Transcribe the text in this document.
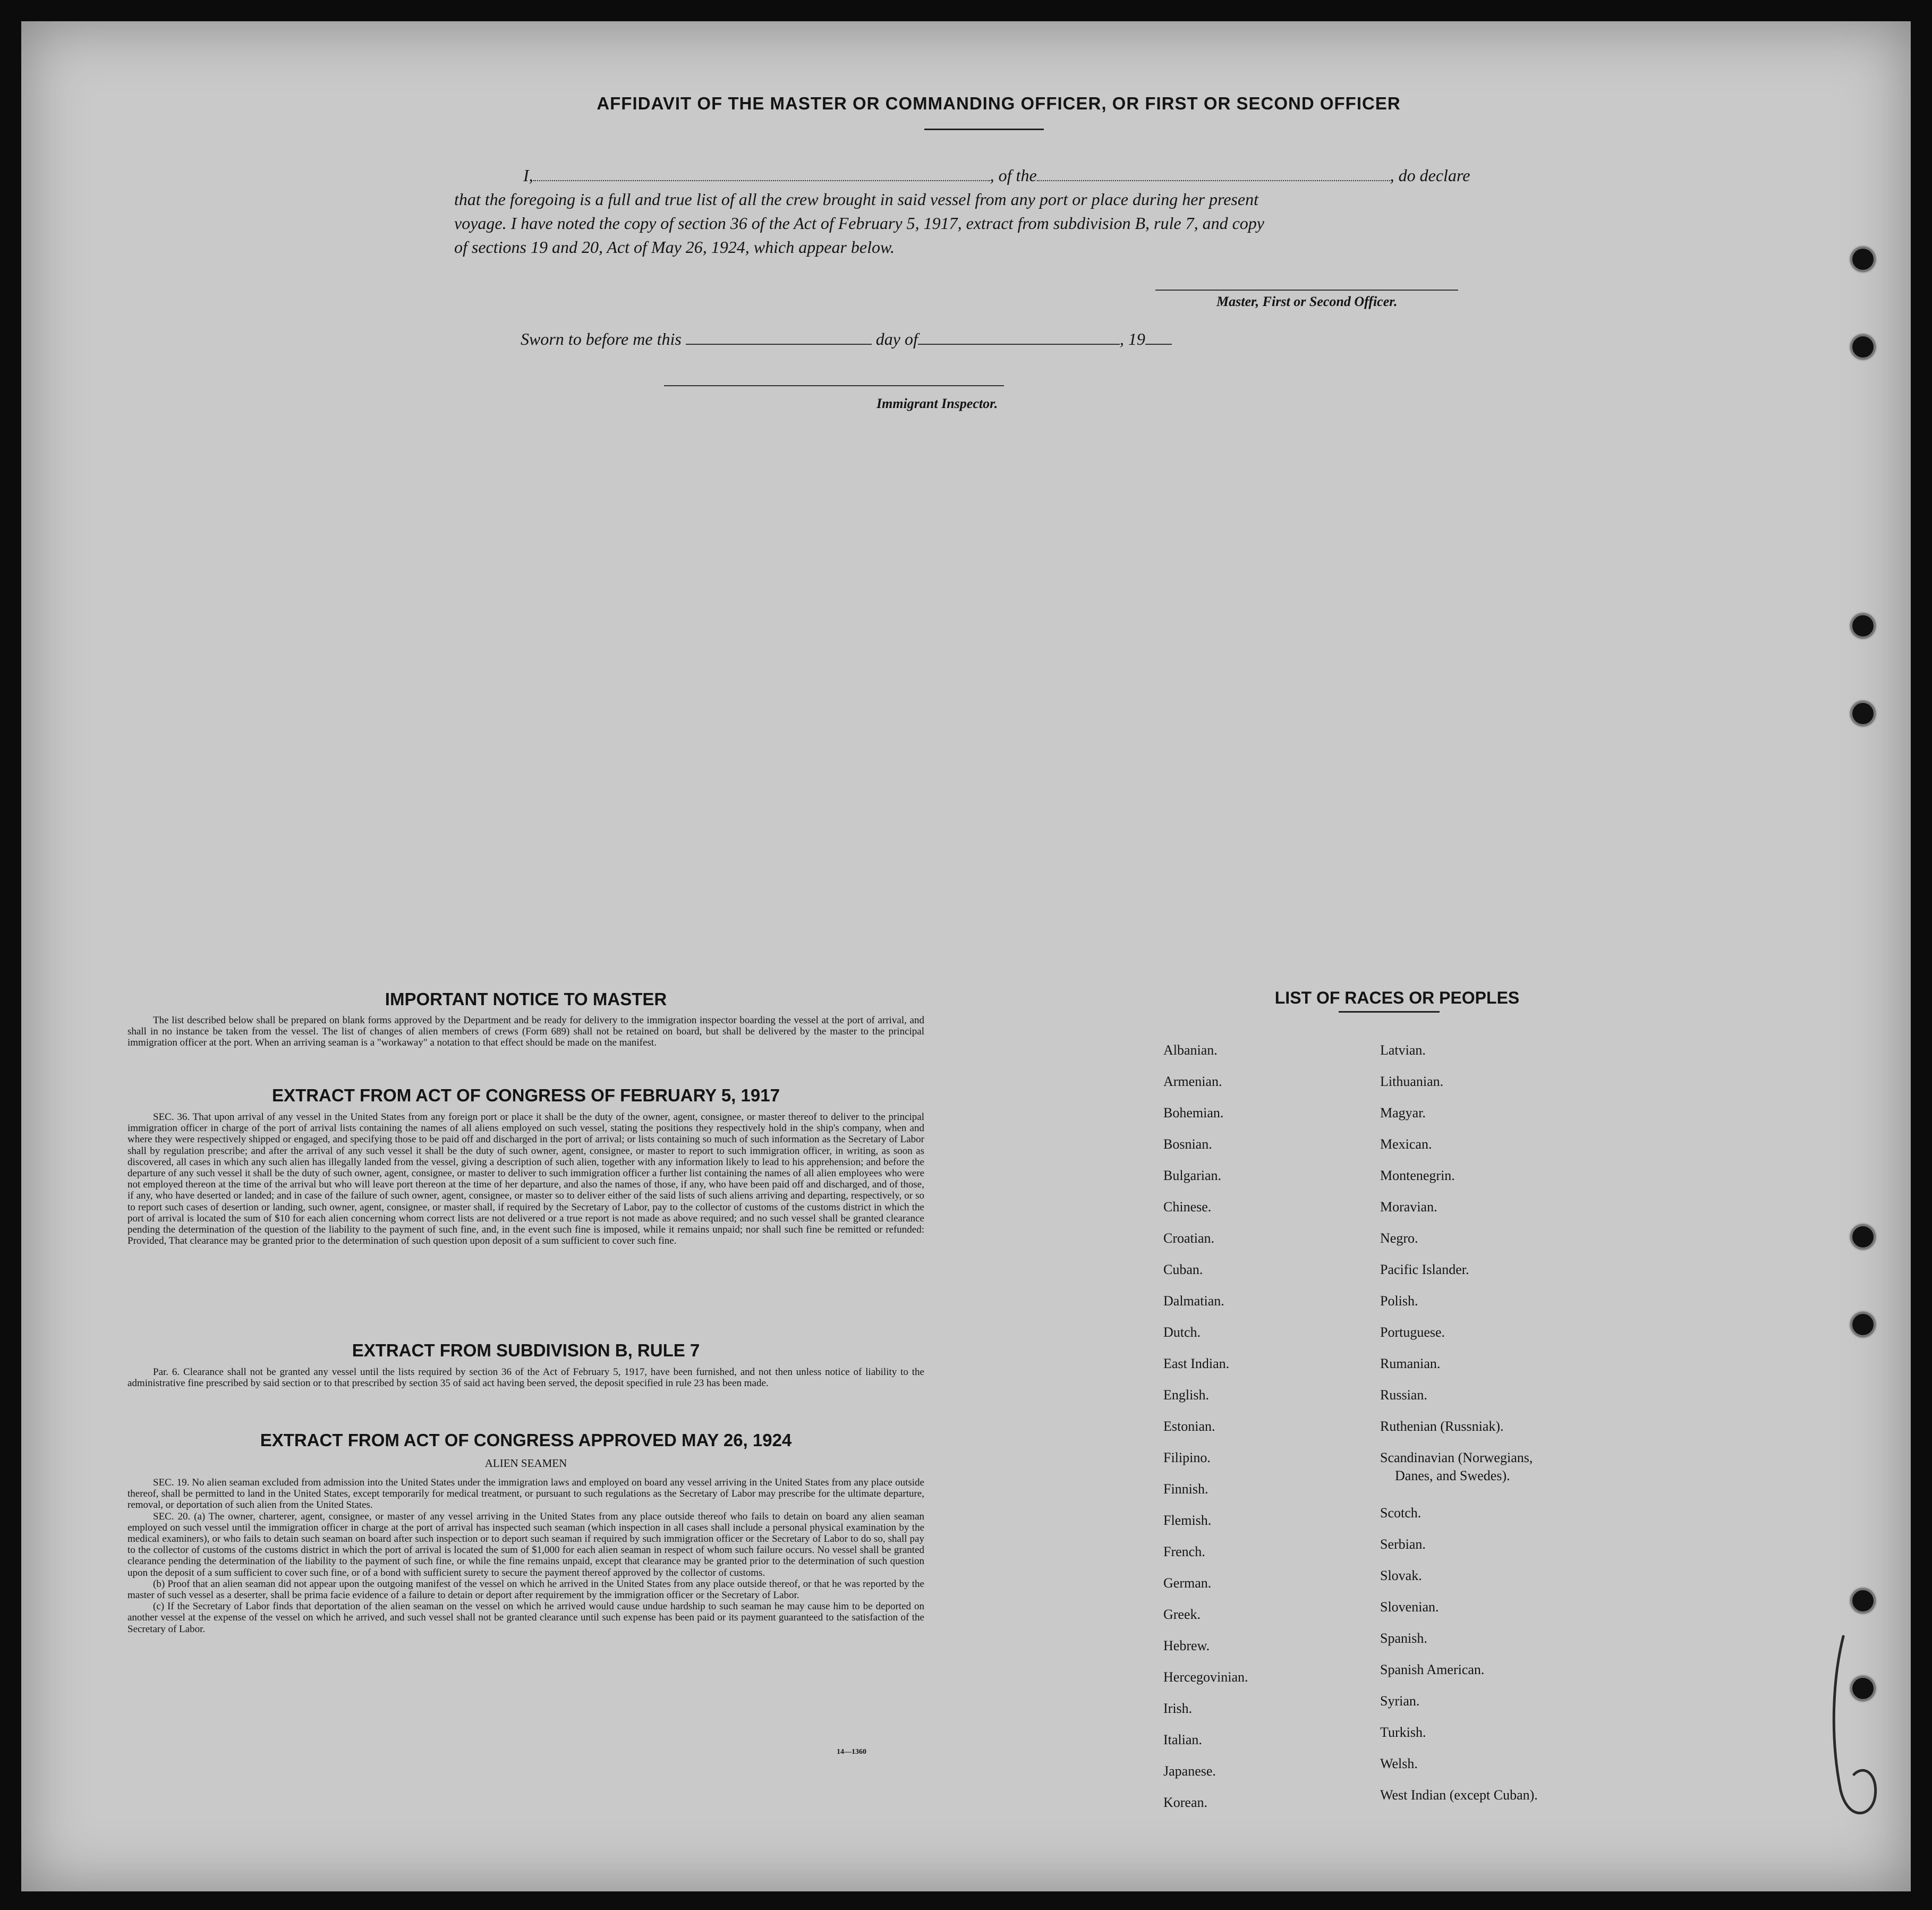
AFFIDAVIT OF THE MASTER OR COMMANDING OFFICER, OR FIRST OR SECOND OFFICER

I,	, of the	, do declare

that the foregoing is a full and true list of all the crew brought in said vessel from any port or place during her present

voyage. I have noted the copy of section 36 of the Act of February 5, 1917, extract from subdivision B, rule 7, and copy

of sections 19 and 20, Act of May 26, 1924, which appear below.

Master, First or Second Officer.
Sworn to before me this	day of	, 19
Immigrant Inspector.
IMPORTANT NOTICE TO MASTER

The list described below shall be prepared on blank forms approved by the Department and be ready for delivery to the immigration inspector boarding the vessel at the port of arrival, and shall in no instance be taken from the vessel. The list of changes of alien members of crews (Form 689) shall not be retained on board, but shall be delivered by the master to the principal immigration officer at the port. When an arriving seaman is a "workaway" a notation to that effect should be made on the manifest.

EXTRACT FROM ACT OF CONGRESS OF FEBRUARY 5, 1917

SEC. 36. That upon arrival of any vessel in the United States from any foreign port or place it shall be the duty of the owner, agent, consignee, or master thereof to deliver to the principal immigration officer in charge of the port of arrival lists containing the names of all aliens employed on such vessel, stating the positions they respectively hold in the ship's company, when and where they were respectively shipped or engaged, and specifying those to be paid off and discharged in the port of arrival; or lists containing so much of such information as the Secretary of Labor shall by regulation prescribe; and after the arrival of any such vessel it shall be the duty of such owner, agent, consignee, or master to report to such immigration officer, in writing, as soon as discovered, all cases in which any such alien has illegally landed from the vessel, giving a description of such alien, together with any information likely to lead to his apprehension; and before the departure of any such vessel it shall be the duty of such owner, agent, consignee, or master to deliver to such immigration officer a further list containing the names of all alien employees who were not employed thereon at the time of the arrival but who will leave port thereon at the time of her departure, and also the names of those, if any, who have been paid off and discharged, and of those, if any, who have deserted or landed; and in case of the failure of such owner, agent, consignee, or master so to deliver either of the said lists of such aliens arriving and departing, respectively, or so to report such cases of desertion or landing, such owner, agent, consignee, or master shall, if required by the Secretary of Labor, pay to the collector of customs of the customs district in which the port of arrival is located the sum of $10 for each alien concerning whom correct lists are not delivered or a true report is not made as above required; and no such vessel shall be granted clearance pending the determination of the question of the liability to the payment of such fine, and, in the event such fine is imposed, while it remains unpaid; nor shall such fine be remitted or refunded: Provided, That clearance may be granted prior to the determination of such question upon deposit of a sum sufficient to cover such fine.

EXTRACT FROM SUBDIVISION B, RULE 7

Par. 6. Clearance shall not be granted any vessel until the lists required by section 36 of the Act of February 5, 1917, have been furnished, and not then unless notice of liability to the administrative fine prescribed by said section or to that prescribed by section 35 of said act having been served, the deposit specified in rule 23 has been made.

EXTRACT FROM ACT OF CONGRESS APPROVED MAY 26, 1924
ALIEN SEAMEN

SEC. 19. No alien seaman excluded from admission into the United States under the immigration laws and employed on board any vessel arriving in the United States from any place outside thereof, shall be permitted to land in the United States, except temporarily for medical treatment, or pursuant to such regulations as the Secretary of Labor may prescribe for the ultimate departure, removal, or deportation of such alien from the United States.

SEC. 20. (a) The owner, charterer, agent, consignee, or master of any vessel arriving in the United States from any place outside thereof who fails to detain on board any alien seaman employed on such vessel until the immigration officer in charge at the port of arrival has inspected such seaman (which inspection in all cases shall include a personal physical examination by the medical examiners), or who fails to detain such seaman on board after such inspection or to deport such seaman if required by such immigration officer or the Secretary of Labor to do so, shall pay to the collector of customs of the customs district in which the port of arrival is located the sum of $1,000 for each alien seaman in respect of whom such failure occurs. No vessel shall be granted clearance pending the determination of the liability to the payment of such fine, or while the fine remains unpaid, except that clearance may be granted prior to the determination of such question upon the deposit of a sum sufficient to cover such fine, or of a bond with sufficient surety to secure the payment thereof approved by the collector of customs.

(b) Proof that an alien seaman did not appear upon the outgoing manifest of the vessel on which he arrived in the United States from any place outside thereof, or that he was reported by the master of such vessel as a deserter, shall be prima facie evidence of a failure to detain or deport after requirement by the immigration officer or the Secretary of Labor.

(c) If the Secretary of Labor finds that deportation of the alien seaman on the vessel on which he arrived would cause undue hardship to such seaman he may cause him to be deported on another vessel at the expense of the vessel on which he arrived, and such vessel shall not be granted clearance until such expense has been paid or its payment guaranteed to the satisfaction of the Secretary of Labor.

14—1360
LIST OF RACES OR PEOPLES
Albanian.
Armenian.
Bohemian.
Bosnian.
Bulgarian.
Chinese.
Croatian.
Cuban.
Dalmatian.
Dutch.
East Indian.
English.
Estonian.
Filipino.
Finnish.
Flemish.
French.
German.
Greek.
Hebrew.
Hercegovinian.
Irish.
Italian.
Japanese.
Korean.
Latvian.
Lithuanian.
Magyar.
Mexican.
Montenegrin.
Moravian.
Negro.
Pacific Islander.
Polish.
Portuguese.
Rumanian.
Russian.
Ruthenian (Russniak).
Scandinavian (Norwegians,
Danes, and Swedes).
Scotch.
Serbian.
Slovak.
Slovenian.
Spanish.
Spanish American.
Syrian.
Turkish.
Welsh.
West Indian (except Cuban).
